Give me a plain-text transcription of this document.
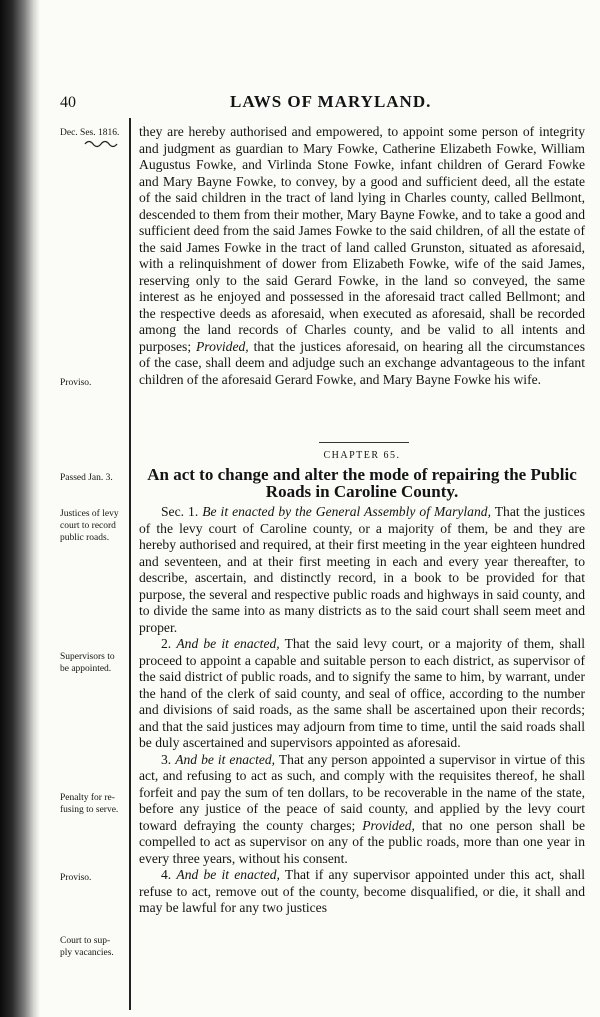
40	LAWS OF MARYLAND.
Dec. Ses. 1816.
Proviso.
Passed Jan. 3.
Justices of levy
court to record
public roads.
Supervisors to
be appointed.
Penalty for re-
fusing to serve.
Proviso.
Court to sup-
ply vacancies.

they are hereby authorised and empowered, to appoint some person of integrity and judgment as guardian to Mary Fowke, Catherine Elizabeth Fowke, William Augustus Fowke, and Virlinda Stone Fowke, infant children of Gerard Fowke and Mary Bayne Fowke, to convey, by a good and sufficient deed, all the estate of the said children in the tract of land lying in Charles county, called Bellmont, descended to them from their mother, Mary Bayne Fowke, and to take a good and sufficient deed from the said James Fowke to the said children, of all the estate of the said James Fowke in the tract of land called Grunston, situated as aforesaid, with a relinquishment of dower from Elizabeth Fowke, wife of the said James, reserving only to the said Gerard Fowke, in the land so conveyed, the same interest as he enjoyed and possessed in the aforesaid tract called Bellmont; and the respective deeds as aforesaid, when executed as aforesaid, shall be recorded among the land records of Charles county, and be valid to all intents and purposes; Provided, that the justices aforesaid, on hearing all the circumstances of the case, shall deem and adjudge such an exchange advantageous to the infant children of the aforesaid Gerard Fowke, and Mary Bayne Fowke his wife.

CHAPTER 65.
An act to change and alter the mode of repairing the Public Roads in Caroline County.

Sec. 1. Be it enacted by the General Assembly of Maryland, That the justices of the levy court of Caroline county, or a majority of them, be and they are hereby authorised and required, at their first meeting in the year eighteen hundred and seventeen, and at their first meeting in each and every year thereafter, to describe, ascertain, and distinctly record, in a book to be provided for that purpose, the several and respective public roads and highways in said county, and to divide the same into as many districts as to the said court shall seem meet and proper.

2. And be it enacted, That the said levy court, or a majority of them, shall proceed to appoint a capable and suitable person to each district, as supervisor of the said district of public roads, and to signify the same to him, by warrant, under the hand of the clerk of said county, and seal of office, according to the number and divisions of said roads, as the same shall be ascertained upon their records; and that the said justices may adjourn from time to time, until the said roads shall be duly ascertained and supervisors appointed as aforesaid.

3. And be it enacted, That any person appointed a supervisor in virtue of this act, and refusing to act as such, and comply with the requisites thereof, he shall forfeit and pay the sum of ten dollars, to be recoverable in the name of the state, before any justice of the peace of said county, and applied by the levy court toward defraying the county charges; Provided, that no one person shall be compelled to act as supervisor on any of the public roads, more than one year in every three years, without his consent.

4. And be it enacted, That if any supervisor appointed under this act, shall refuse to act, remove out of the county, become disqualified, or die, it shall and may be lawful for any two justices
